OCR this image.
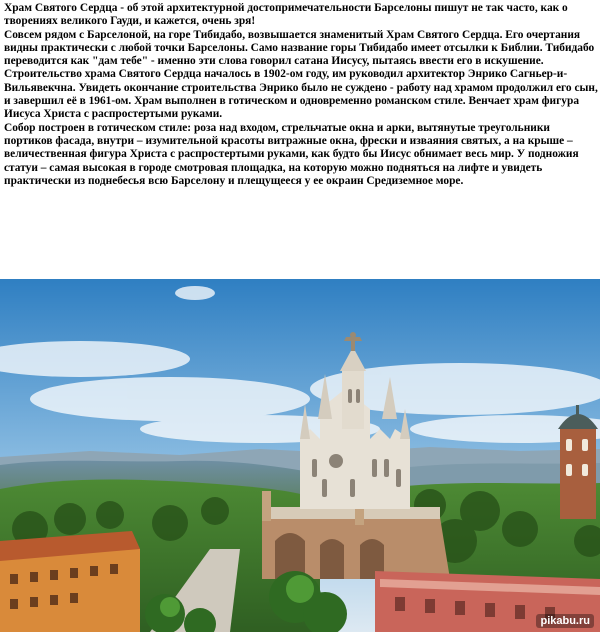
Храм Святого Сердца - об этой архитектурной достопримечательности Барселоны пишут не так часто, как о творениях великого Гауди, и кажется, очень зря!

Совсем рядом с Барселоной, на горе Тибидабо, возвышается знаменитый Храм Святого Сердца. Его очертания видны практически с любой точки Барселоны. Само название горы Тибидабо имеет отсылки к Библии. Тибидабо переводится как "дам тебе" - именно эти слова говорил сатана Иисусу, пытаясь ввести его в искушение.

Строительство храма Святого Сердца началось в 1902-ом году, им руководил архитектор Энрико Сагньер-и-Вильявекчна. Увидеть окончание строительства Энрико было не суждено - работу над храмом продолжил его сын, и завершил её в 1961-ом. Храм выполнен в готическом и одновременно романском стиле. Венчает храм фигура Иисуса Христа с распростертыми руками.

Собор построен в готическом стиле: роза над входом, стрельчатые окна и арки, вытянутые треугольники портиков фасада, внутри – изумительной красоты витражные окна, фрески и изваяния святых, а на крыше – величественная фигура Христа с распростертыми руками, как будто бы Иисус обнимает весь мир. У подножия статуи – самая высокая в городе смотровая площадка, на которую можно подняться на лифте и увидеть практически из поднебесья всю Барселону и плещущееся у ее окраин Средиземное море.

pikabu.ru
